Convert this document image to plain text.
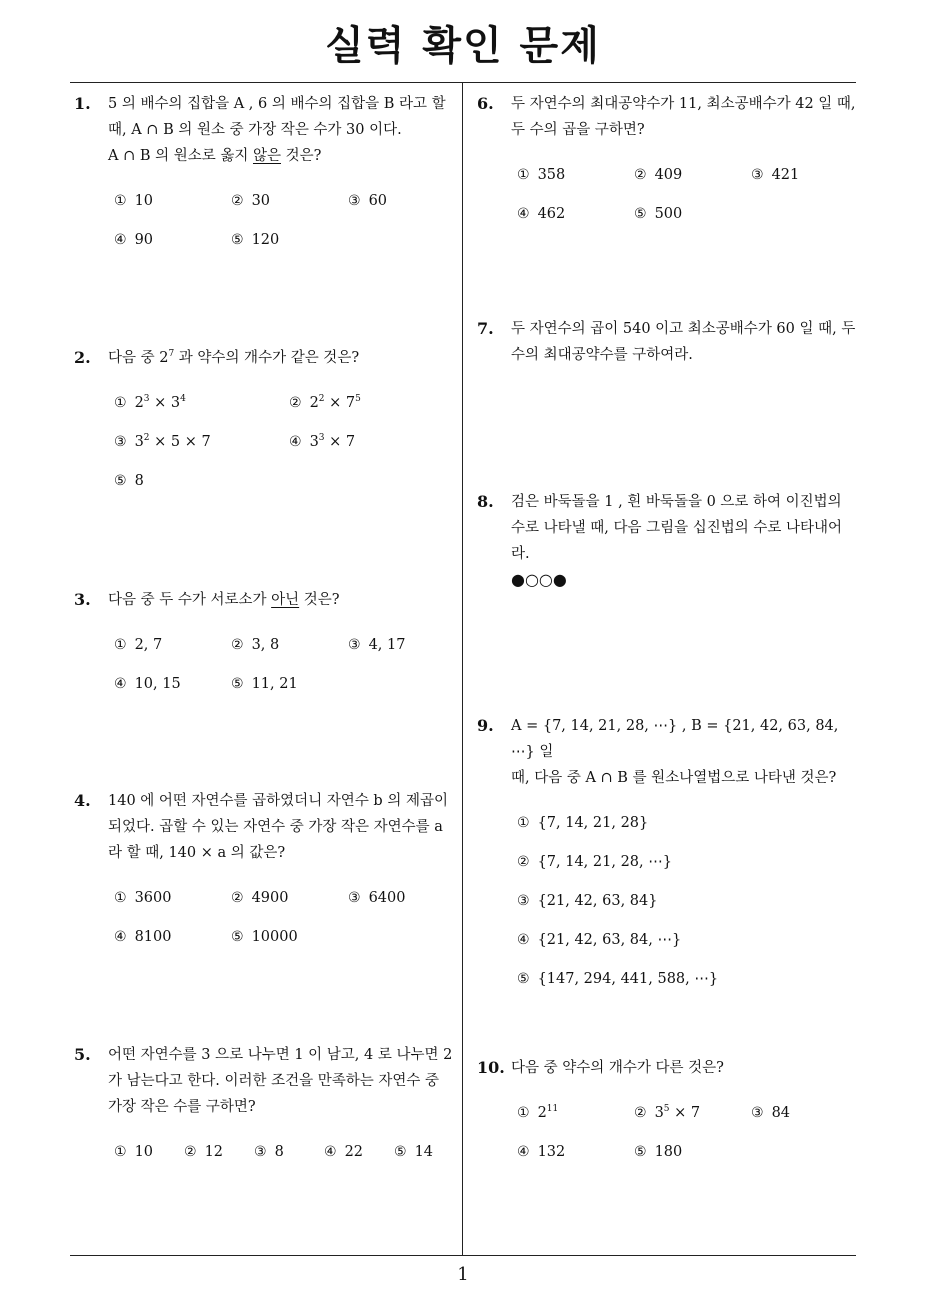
실력 확인 문제
1
1. 5 의 배수의 집합을 A , 6 의 배수의 집합을 B 라고 할

때, A ∩ B 의 원소 중 가장 작은 수가 30 이다.

A ∩ B 의 원소로 옳지 않은 것은?

① 10	② 30	③ 60
④ 90	⑤ 120
2. 다음 중 $2^7$ 과 약수의 개수가 같은 것은?

① $2^3 \times 3^4$	② $2^2 \times 7^5$
③ $3^2 \times 5 \times 7$	④ $3^3 \times 7$
⑤ 8
3. 다음 중 두 수가 서로소가 아닌 것은?

① 2, 7	② 3, 8	③ 4, 17
④ 10, 15	⑤ 11, 21
4. 140 에 어떤 자연수를 곱하였더니 자연수 b 의 제곱이

되었다. 곱할 수 있는 자연수 중 가장 작은 자연수를 a

라 할 때, 140 × a 의 값은?

① 3600	② 4900	③ 6400
④ 8100	⑤ 10000
5. 어떤 자연수를 3 으로 나누면 1 이 남고, 4 로 나누면 2

가 남는다고 한다. 이러한 조건을 만족하는 자연수 중

가장 작은 수를 구하면?

① 10	② 12	③ 8	④ 22	⑤ 14
6. 두 자연수의 최대공약수가 11, 최소공배수가 42 일 때,

두 수의 곱을 구하면?

① 358	② 409	③ 421
④ 462	⑤ 500
7. 두 자연수의 곱이 540 이고 최소공배수가 60 일 때, 두

수의 최대공약수를 구하여라.

8. 검은 바둑돌을 1 , 흰 바둑돌을 0 으로 하여 이진법의

수로 나타낼 때, 다음 그림을 십진법의 수로 나타내어

라.

●○○●

9. A = {7, 14, 21, 28, ⋯} , B = {21, 42, 63, 84, ⋯} 일

때, 다음 중 A ∩ B 를 원소나열법으로 나타낸 것은?

① {7, 14, 21, 28}
② {7, 14, 21, 28, ⋯}
③ {21, 42, 63, 84}
④ {21, 42, 63, 84, ⋯}
⑤ {147, 294, 441, 588, ⋯}
10. 다음 중 약수의 개수가 다른 것은?

① $2^{11}$	② $3^5 \times 7$	③ 84
④ 132	⑤ 180
